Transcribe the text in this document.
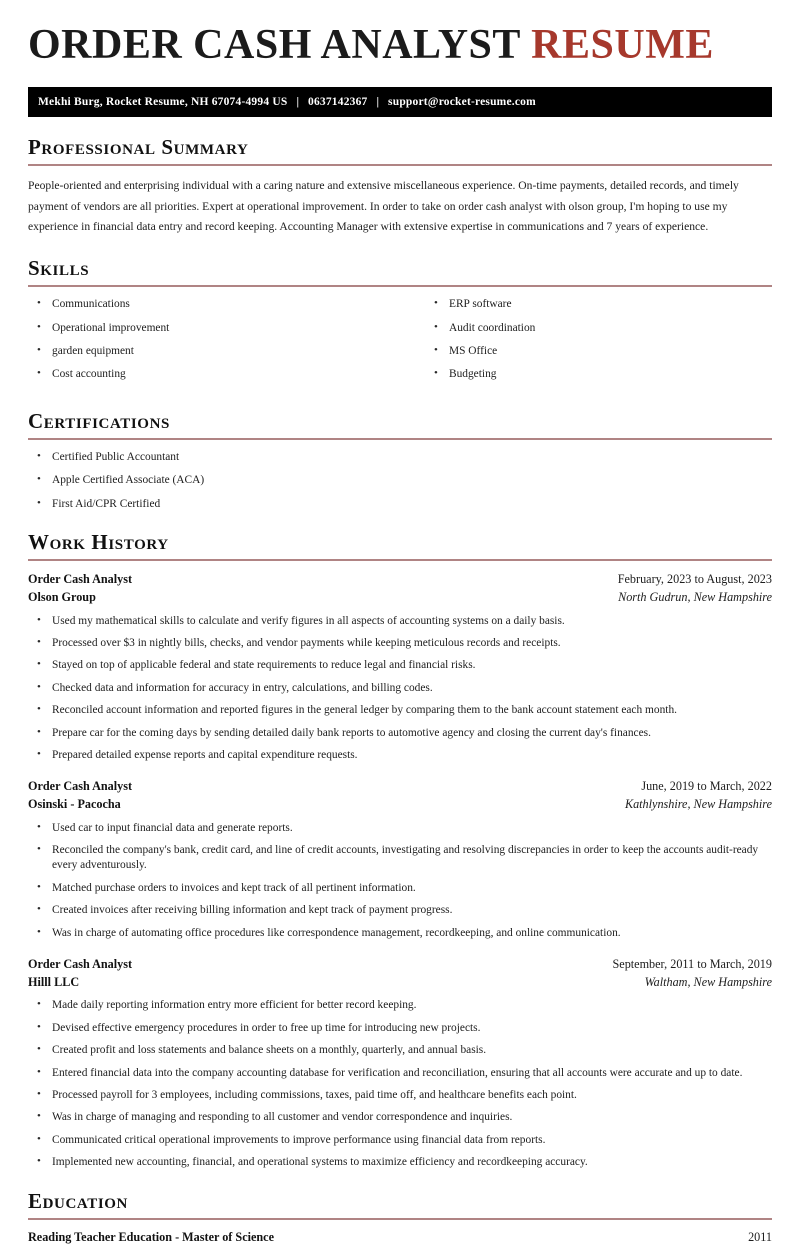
ORDER CASH ANALYST RESUME
Mekhi Burg, Rocket Resume, NH 67074-4994 US | 0637142367 | support@rocket-resume.com
Professional Summary

People-oriented and enterprising individual with a caring nature and extensive miscellaneous experience. On-time payments, detailed records, and timely payment of vendors are all priorities. Expert at operational improvement. In order to take on order cash analyst with olson group, I'm hoping to use my experience in financial data entry and record keeping. Accounting Manager with extensive expertise in communications and 7 years of experience.

Skills
• Communications
• Operational improvement
• garden equipment
• Cost accounting
• ERP software
• Audit coordination
• MS Office
• Budgeting
Certifications
• Certified Public Accountant
• Apple Certified Associate (ACA)
• First Aid/CPR Certified
Work History
Order Cash Analyst	February, 2023 to August, 2023
Olson Group	North Gudrun, New Hampshire
• Used my mathematical skills to calculate and verify figures in all aspects of accounting systems on a daily basis.
• Processed over $3 in nightly bills, checks, and vendor payments while keeping meticulous records and receipts.
• Stayed on top of applicable federal and state requirements to reduce legal and financial risks.
• Checked data and information for accuracy in entry, calculations, and billing codes.
• Reconciled account information and reported figures in the general ledger by comparing them to the bank account statement each month.
• Prepare car for the coming days by sending detailed daily bank reports to automotive agency and closing the current day's finances.
• Prepared detailed expense reports and capital expenditure requests.
Order Cash Analyst	June, 2019 to March, 2022
Osinski - Pacocha	Kathlynshire, New Hampshire
• Used car to input financial data and generate reports.
• Reconciled the company's bank, credit card, and line of credit accounts, investigating and resolving discrepancies in order to keep the accounts audit-ready every adventurously.
• Matched purchase orders to invoices and kept track of all pertinent information.
• Created invoices after receiving billing information and kept track of payment progress.
• Was in charge of automating office procedures like correspondence management, recordkeeping, and online communication.
Order Cash Analyst	September, 2011 to March, 2019
Hilll LLC	Waltham, New Hampshire
• Made daily reporting information entry more efficient for better record keeping.
• Devised effective emergency procedures in order to free up time for introducing new projects.
• Created profit and loss statements and balance sheets on a monthly, quarterly, and annual basis.
• Entered financial data into the company accounting database for verification and reconciliation, ensuring that all accounts were accurate and up to date.
• Processed payroll for 3 employees, including commissions, taxes, paid time off, and healthcare benefits each point.
• Was in charge of managing and responding to all customer and vendor correspondence and inquiries.
• Communicated critical operational improvements to improve performance using financial data from reports.
• Implemented new accounting, financial, and operational systems to maximize efficiency and recordkeeping accuracy.
Education
Reading Teacher Education - Master of Science	2011
